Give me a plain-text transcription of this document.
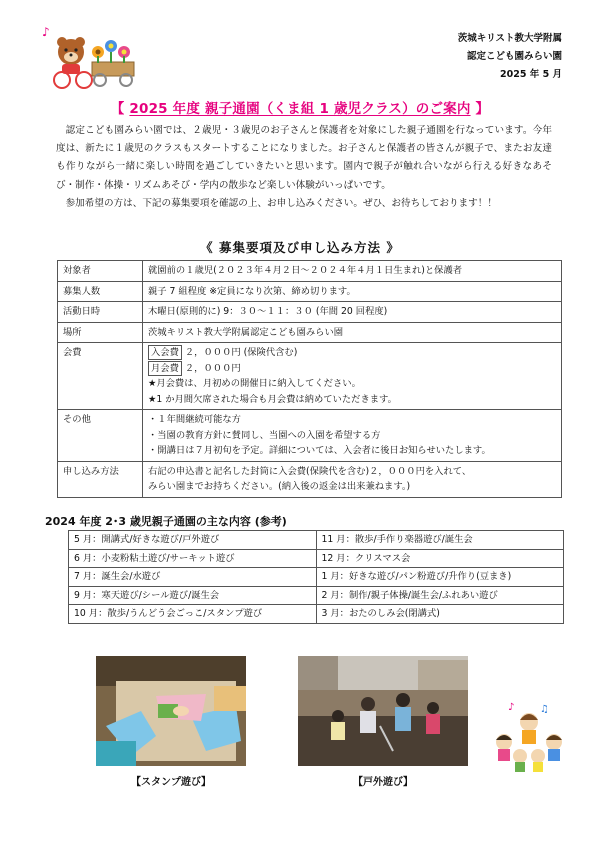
♪	茨城キリスト教大学附属
認定こども園みらい園
2025 年 5 月
【 2025 年度 親子通園（くま組 1 歳児クラス）のご案内 】

認定こども園みらい園では、２歳児・３歳児のお子さんと保護者を対象にした親子通園を行なっています。今年度は、新たに１歳児のクラスもスタートすることになりました。お子さんと保護者の皆さんが親子で、またお友達も作りながら一緒に楽しい時間を過ごしていきたいと思います。園内で親子が触れ合いながら行える好きなあそび・制作・体操・リズムあそび・学内の散歩など楽しい体験がいっぱいです。

参加希望の方は、下記の募集要項を確認の上、お申し込みください。ぜひ、お待ちしております！！

《 募集要項及び申し込み方法 》
対象者	就園前の１歳児(２０２３年４月２日～２０２４年４月１日生まれ)と保護者
募集人数	親子 7 組程度 ※定員になり次第、締め切ります。
活動日時	木曜日(原則的に) 9：３０～１１：３０ (年間 20 回程度)
場所	茨城キリスト教大学附属認定こども園みらい園
会費	入会費 ２，０００円 (保険代含む)
月会費 ２，０００円
★月会費は、月初めの開催日に納入してください。
★1 か月間欠席された場合も月会費は納めていただきます。

その他	・１年間継続可能な方
・当園の教育方針に賛同し、当園への入園を希望する方
・開講日は７月初旬を予定。詳細については、入会者に後日お知らせいたします。

申し込み方法	右記の申込書と記名した封筒に入会費(保険代を含む)２，０００円を入れて、
みらい園までお持ちください。(納入後の返金は出来兼ねます。)
2024 年度 2･3 歳児親子通園の主な内容 (参考)
5 月：開講式/好きな遊び/戸外遊び	11 月：散歩/手作り楽器遊び/誕生会
6 月：小麦粉粘土遊び/サーキット遊び	12 月：クリスマス会
7 月：誕生会/水遊び	1 月：好きな遊び/パン粉遊び/升作り(豆まき)
9 月：寒天遊び/シール遊び/誕生会	2 月：制作/親子体操/誕生会/ふれあい遊び
10 月：散歩/うんどう会ごっこ/スタンプ遊び	3 月：おたのしみ会(閉講式)
【スタンプ遊び】	【戸外遊び】
♪	♫
